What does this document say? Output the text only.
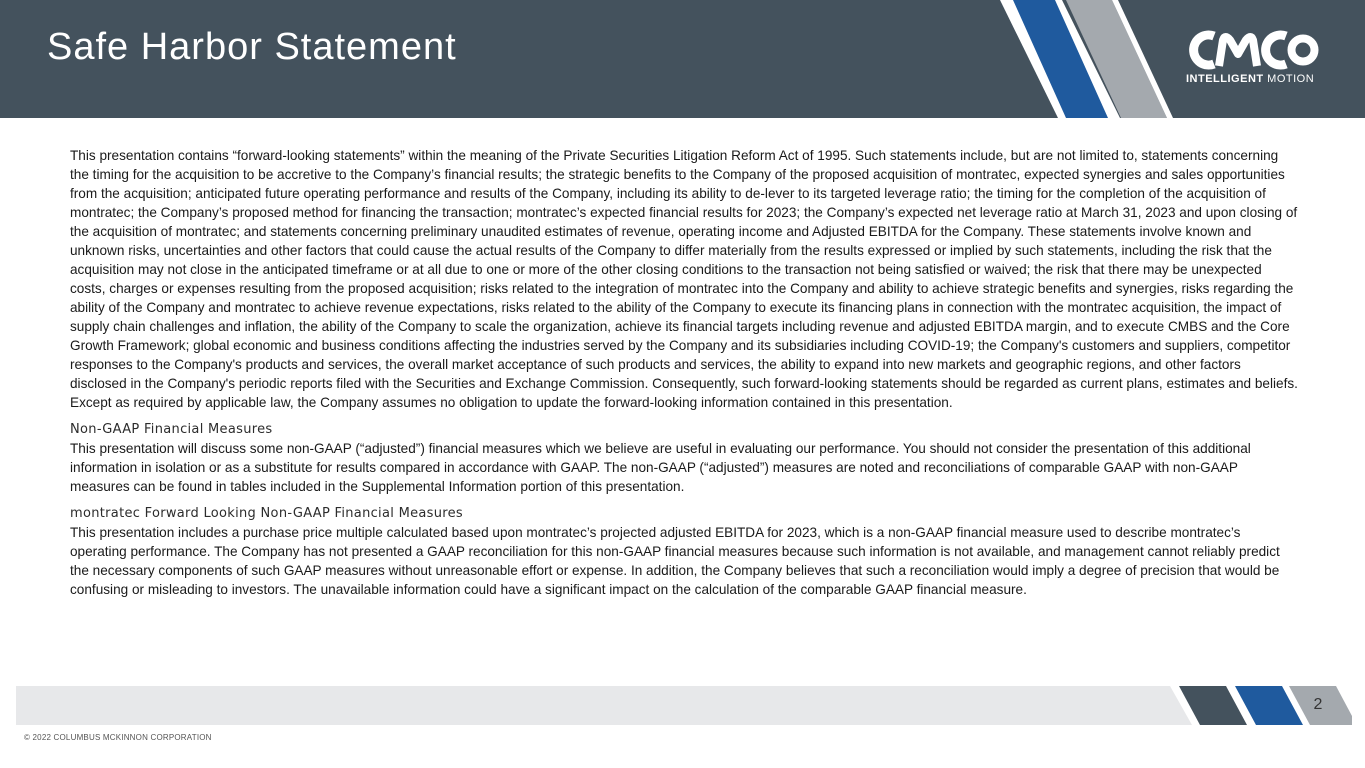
Safe Harbor Statement
INTELLIGENT MOTION

This presentation contains “forward-looking statements” within the meaning of the Private Securities Litigation Reform Act of 1995. Such statements include, but are not limited to, statements concerning the timing for the acquisition to be accretive to the Company’s financial results; the strategic benefits to the Company of the proposed acquisition of montratec, expected synergies and sales opportunities from the acquisition; anticipated future operating performance and results of the Company, including its ability to de-lever to its targeted leverage ratio; the timing for the completion of the acquisition of montratec; the Company’s proposed method for financing the transaction; montratec’s expected financial results for 2023; the Company’s expected net leverage ratio at March 31, 2023 and upon closing of the acquisition of montratec; and statements concerning preliminary unaudited estimates of revenue, operating income and Adjusted EBITDA for the Company. These statements involve known and unknown risks, uncertainties and other factors that could cause the actual results of the Company to differ materially from the results expressed or implied by such statements, including the risk that the acquisition may not close in the anticipated timeframe or at all due to one or more of the other closing conditions to the transaction not being satisfied or waived; the risk that there may be unexpected costs, charges or expenses resulting from the proposed acquisition; risks related to the integration of montratec into the Company and ability to achieve strategic benefits and synergies, risks regarding the ability of the Company and montratec to achieve revenue expectations, risks related to the ability of the Company to execute its financing plans in connection with the montratec acquisition, the impact of supply chain challenges and inflation, the ability of the Company to scale the organization, achieve its financial targets including revenue and adjusted EBITDA margin, and to execute CMBS and the Core Growth Framework; global economic and business conditions affecting the industries served by the Company and its subsidiaries including COVID-19; the Company's customers and suppliers, competitor responses to the Company's products and services, the overall market acceptance of such products and services, the ability to expand into new markets and geographic regions, and other factors disclosed in the Company's periodic reports filed with the Securities and Exchange Commission. Consequently, such forward-looking statements should be regarded as current plans, estimates and beliefs. Except as required by applicable law, the Company assumes no obligation to update the forward-looking information contained in this presentation.

Non-GAAP Financial Measures
This presentation will discuss some non-GAAP (“adjusted”) financial measures which we believe are useful in evaluating our performance. You should not consider the presentation of this additional information in isolation or as a substitute for results compared in accordance with GAAP. The non-GAAP (“adjusted”) measures are noted and reconciliations of comparable GAAP with non-GAAP measures can be found in tables included in the Supplemental Information portion of this presentation.

montratec Forward Looking Non-GAAP Financial Measures
This presentation includes a purchase price multiple calculated based upon montratec’s projected adjusted EBITDA for 2023, which is a non-GAAP financial measure used to describe montratec’s operating performance. The Company has not presented a GAAP reconciliation for this non-GAAP financial measures because such information is not available, and management cannot reliably predict the necessary components of such GAAP measures without unreasonable effort or expense. In addition, the Company believes that such a reconciliation would imply a degree of precision that would be confusing or misleading to investors. The unavailable information could have a significant impact on the calculation of the comparable GAAP financial measure.

2
© 2022 COLUMBUS MCKINNON CORPORATION
